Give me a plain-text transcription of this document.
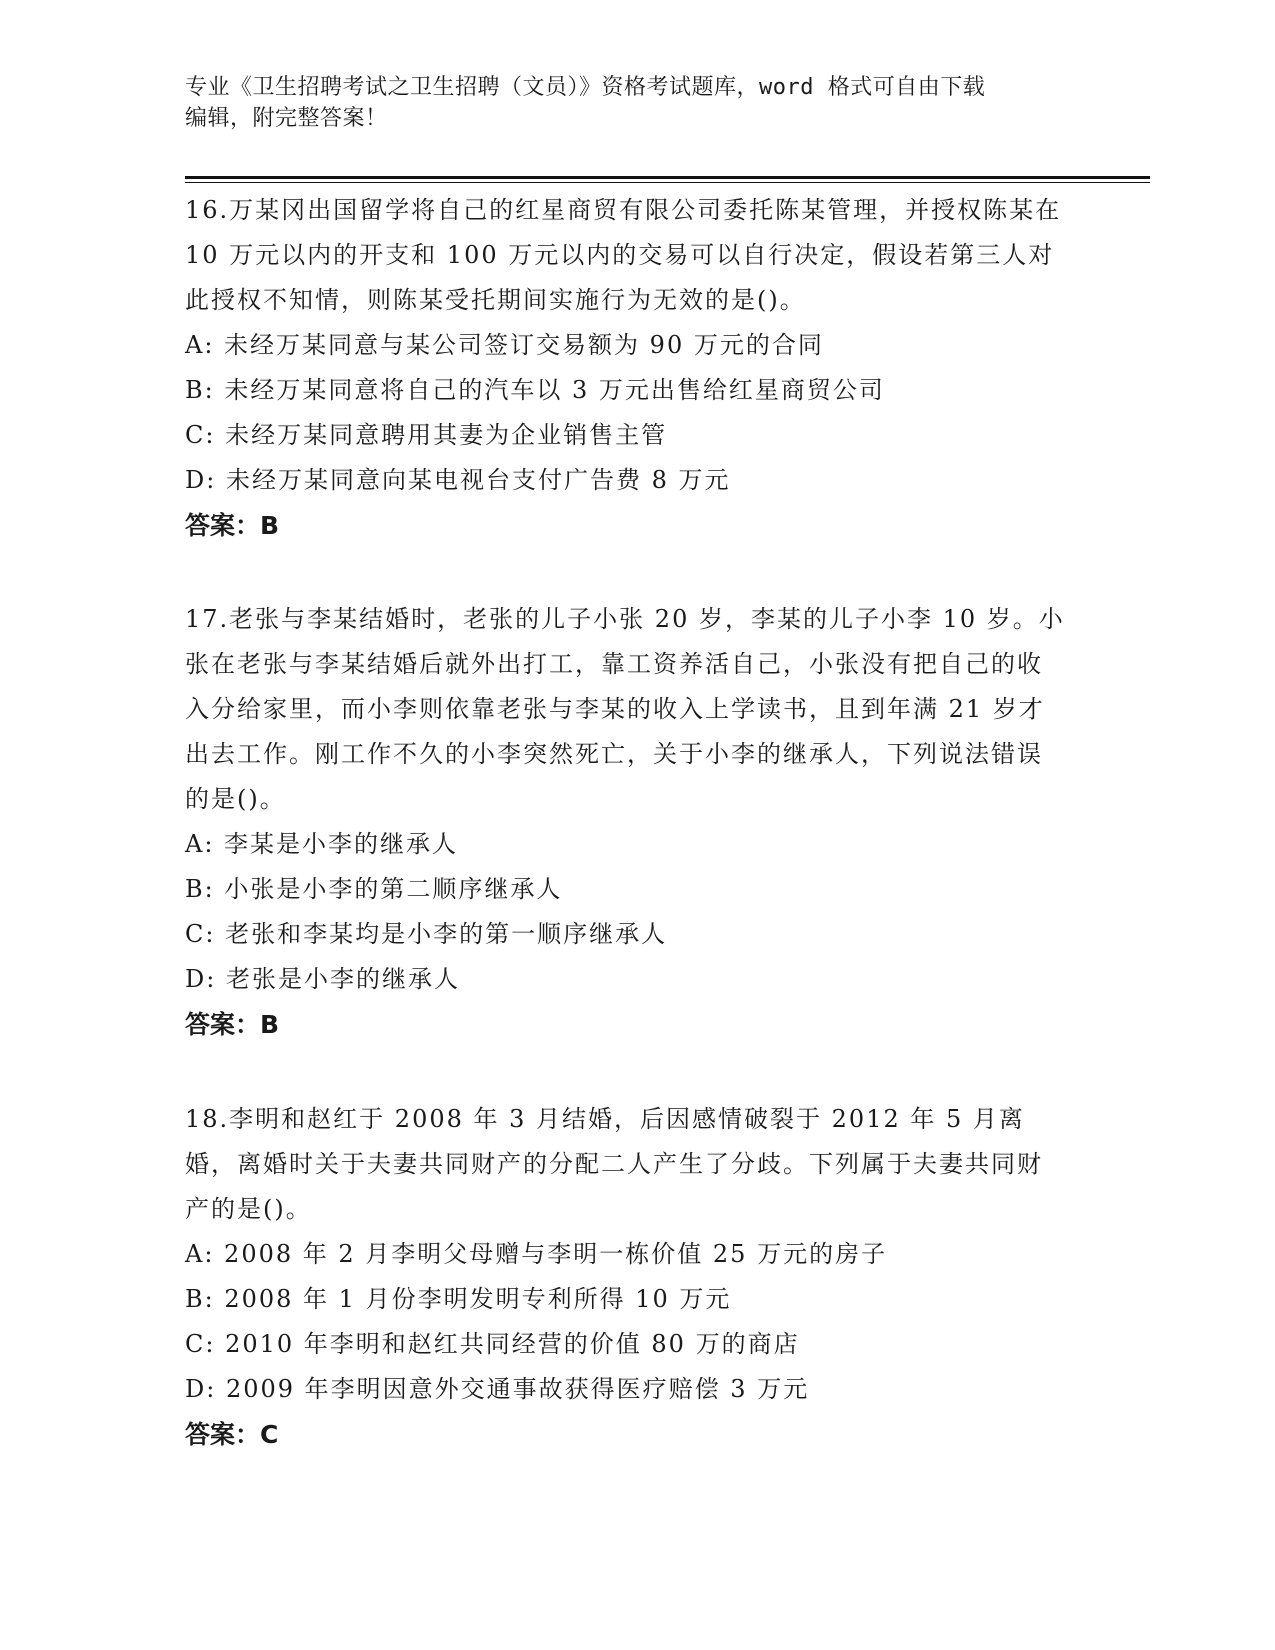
专业《卫生招聘考试之卫生招聘（文员）》资格考试题库，word 格式可自由下载
编辑，附完整答案！

16.万某冈出国留学将自己的红星商贸有限公司委托陈某管理，并授权陈某在 10 万元以内的开支和 100 万元以内的交易可以自行决定，假设若第三人对此授权不知情，则陈某受托期间实施行为无效的是()。

A: 未经万某同意与某公司签订交易额为 90 万元的合同

B: 未经万某同意将自己的汽车以 3 万元出售给红星商贸公司

C: 未经万某同意聘用其妻为企业销售主管

D: 未经万某同意向某电视台支付广告费 8 万元

答案：B

17.老张与李某结婚时，老张的儿子小张 20 岁，李某的儿子小李 10 岁。小张在老张与李某结婚后就外出打工，靠工资养活自己，小张没有把自己的收入分给家里，而小李则依靠老张与李某的收入上学读书，且到年满 21 岁才出去工作。刚工作不久的小李突然死亡，关于小李的继承人，下列说法错误的是()。

A: 李某是小李的继承人

B: 小张是小李的第二顺序继承人

C: 老张和李某均是小李的第一顺序继承人

D: 老张是小李的继承人

答案：B

18.李明和赵红于 2008 年 3 月结婚，后因感情破裂于 2012 年 5 月离婚，离婚时关于夫妻共同财产的分配二人产生了分歧。下列属于夫妻共同财产的是()。

A: 2008 年 2 月李明父母赠与李明一栋价值 25 万元的房子

B: 2008 年 1 月份李明发明专利所得 10 万元

C: 2010 年李明和赵红共同经营的价值 80 万的商店

D: 2009 年李明因意外交通事故获得医疗赔偿 3 万元

答案：C
